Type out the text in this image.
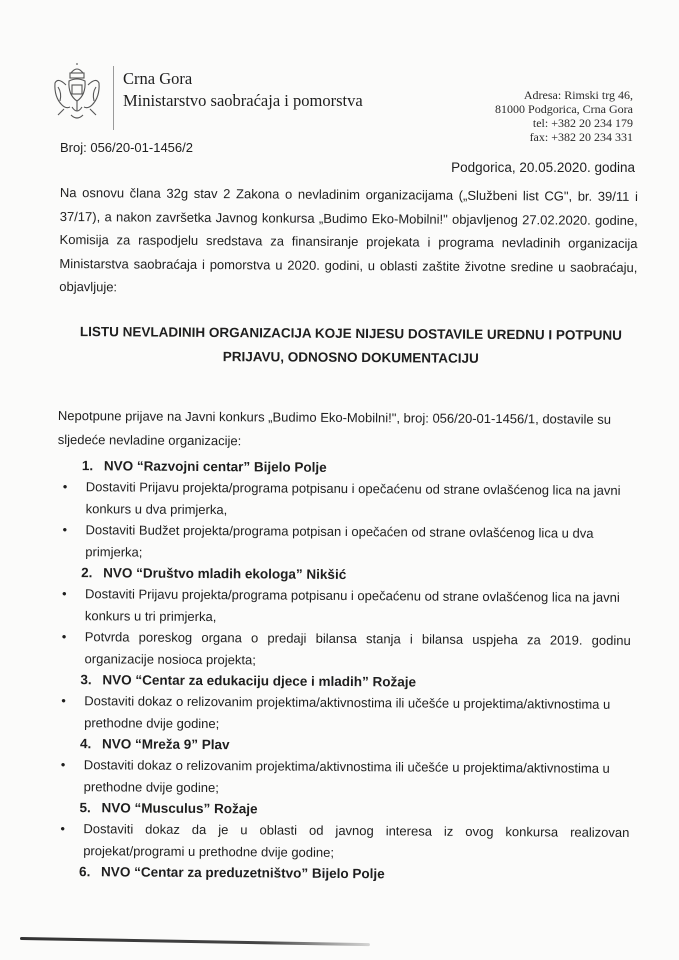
Crna Gora
Ministarstvo saobraćaja i pomorstva	Adresa: Rimski trg 46,
81000 Podgorica, Crna Gora
tel: +382 20 234 179
fax: +382 20 234 331
Broj: 056/20-01-1456/2
Podgorica, 20.05.2020. godina
Na osnovu člana 32g stav 2 Zakona o nevladinim organizacijama („Službeni list CG", br. 39/11 i 37/17), a nakon završetka Javnog konkursa „Budimo Eko-Mobilni!" objavljenog 27.02.2020. godine, Komisija za raspodjelu sredstava za finansiranje projekata i programa nevladinih organizacija Ministarstva saobraćaja i pomorstva u 2020. godini, u oblasti zaštite životne sredine u saobraćaju, objavljuje:
LISTU NEVLADINIH ORGANIZACIJA KOJE NIJESU DOSTAVILE UREDNU I POTPUNU PRIJAVU, ODNOSNO DOKUMENTACIJU
Nepotpune prijave na Javni konkurs „Budimo Eko-Mobilni!", broj: 056/20-01-1456/1, dostavile su sljedeće nevladine organizacije:
1. NVO “Razvojni centar” Bijelo Polje
• Dostaviti Prijavu projekta/programa potpisanu i opečaćenu od strane ovlašćenog lica na javni konkurs u dva primjerka,
• Dostaviti Budžet projekta/programa potpisan i opečaćen od strane ovlašćenog lica u dva primjerka;
2. NVO “Društvo mladih ekologa” Nikšić
• Dostaviti Prijavu projekta/programa potpisanu i opečaćenu od strane ovlašćenog lica na javni konkurs u tri primjerka,
• Potvrda poreskog organa o predaji bilansa stanja i bilansa uspjeha za 2019. godinu organizacije nosioca projekta;
3. NVO “Centar za edukaciju djece i mladih” Rožaje
• Dostaviti dokaz o relizovanim projektima/aktivnostima ili učešće u projektima/aktivnostima u prethodne dvije godine;
4. NVO “Mreža 9” Plav
• Dostaviti dokaz o relizovanim projektima/aktivnostima ili učešće u projektima/aktivnostima u prethodne dvije godine;
5. NVO “Musculus” Rožaje
• Dostaviti dokaz da je u oblasti od javnog interesa iz ovog konkursa realizovan projekat/programi u prethodne dvije godine;
6. NVO “Centar za preduzetništvo” Bijelo Polje
